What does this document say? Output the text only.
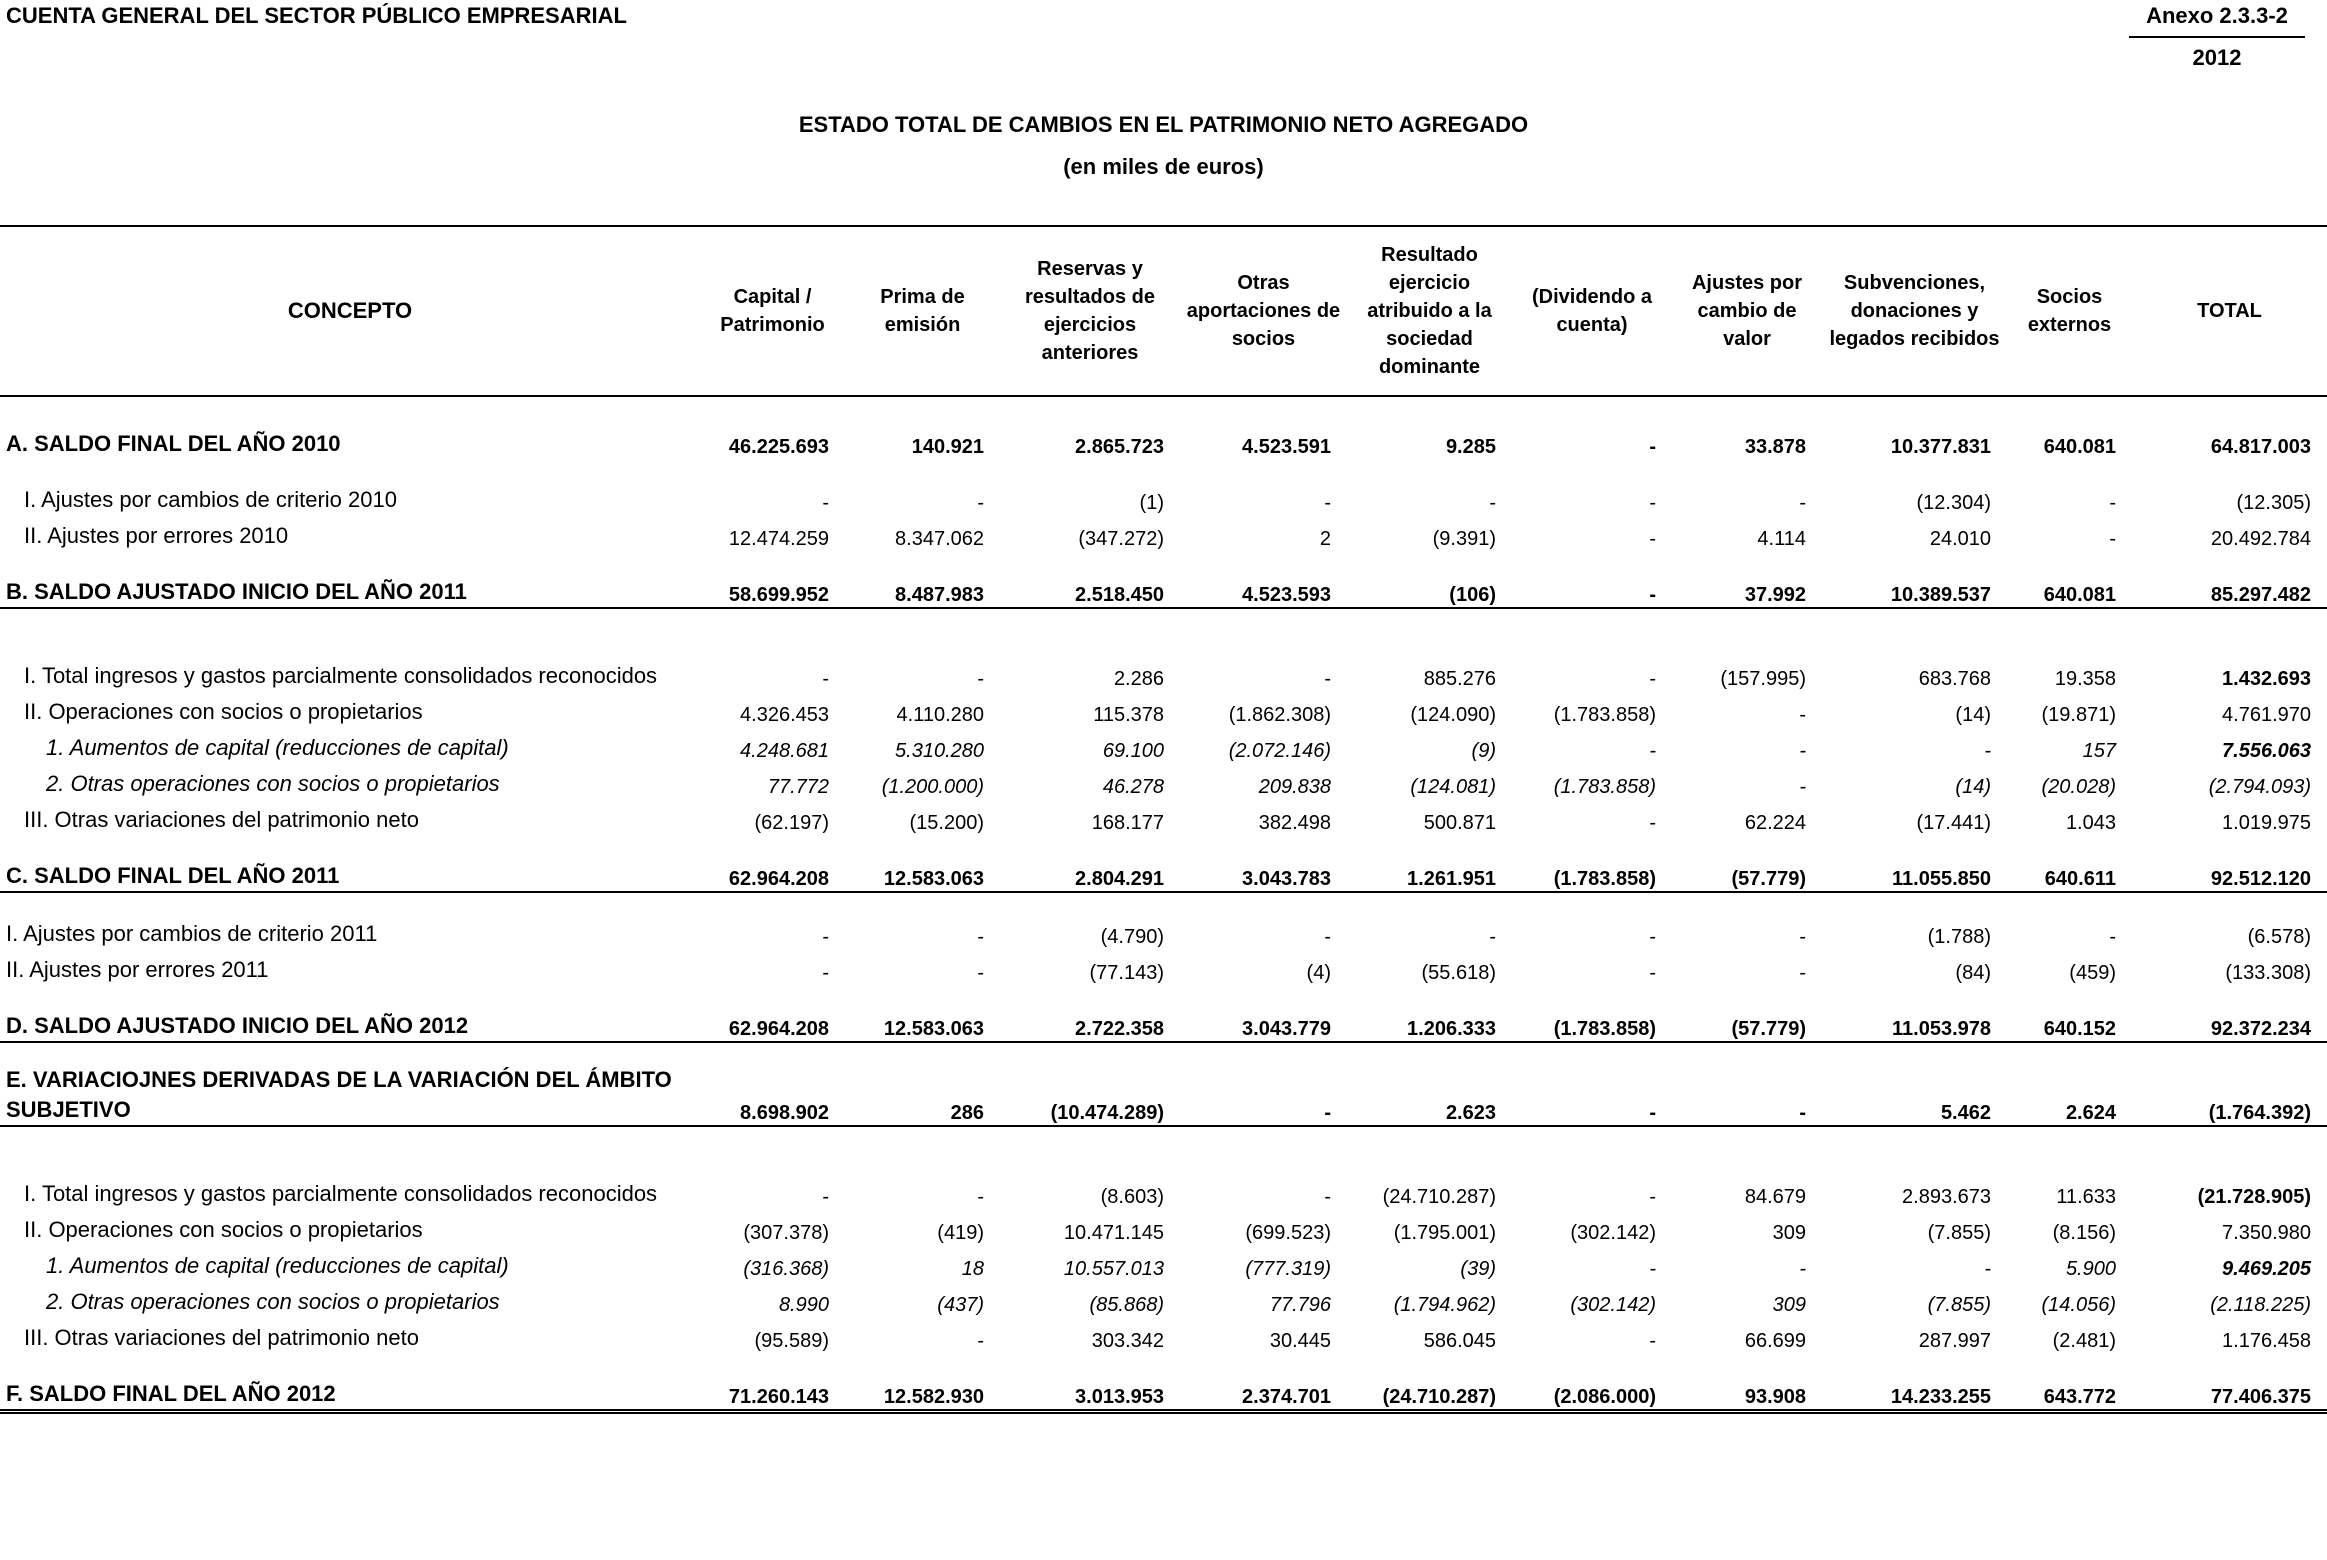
CUENTA GENERAL DEL SECTOR PÚBLICO EMPRESARIAL	Anexo 2.3.3-2
2012
ESTADO TOTAL DE CAMBIOS EN EL PATRIMONIO NETO AGREGADO
(en miles de euros)
CONCEPTO	Capital / Patrimonio	Prima de emisión	Reservas y resultados de ejercicios anteriores	Otras aportaciones de socios	Resultado ejercicio atribuido a la sociedad dominante	(Dividendo a cuenta)	Ajustes por cambio de valor	Subvenciones, donaciones y legados recibidos	Socios externos	TOTAL

A. SALDO FINAL DEL AÑO 2010	46.225.693	140.921	2.865.723	4.523.591	9.285	-	33.878	10.377.831	640.081	64.817.003

I. Ajustes por cambios de criterio 2010	-	-	(1)	-	-	-	-	(12.304)	-	(12.305)
II. Ajustes por errores 2010	12.474.259	8.347.062	(347.272)	2	(9.391)	-	4.114	24.010	-	20.492.784

B. SALDO AJUSTADO INICIO DEL AÑO 2011	58.699.952	8.487.983	2.518.450	4.523.593	(106)	-	37.992	10.389.537	640.081	85.297.482

I. Total ingresos y gastos parcialmente consolidados reconocidos	-	-	2.286	-	885.276	-	(157.995)	683.768	19.358	1.432.693
II. Operaciones con socios o propietarios	4.326.453	4.110.280	115.378	(1.862.308)	(124.090)	(1.783.858)	-	(14)	(19.871)	4.761.970
1. Aumentos de capital (reducciones de capital)	4.248.681	5.310.280	69.100	(2.072.146)	(9)	-	-	-	157	7.556.063
2. Otras operaciones con socios o propietarios	77.772	(1.200.000)	46.278	209.838	(124.081)	(1.783.858)	-	(14)	(20.028)	(2.794.093)
III. Otras variaciones del patrimonio neto	(62.197)	(15.200)	168.177	382.498	500.871	-	62.224	(17.441)	1.043	1.019.975

C. SALDO FINAL DEL AÑO 2011	62.964.208	12.583.063	2.804.291	3.043.783	1.261.951	(1.783.858)	(57.779)	11.055.850	640.611	92.512.120

I. Ajustes por cambios de criterio 2011	-	-	(4.790)	-	-	-	-	(1.788)	-	(6.578)
II. Ajustes por errores 2011	-	-	(77.143)	(4)	(55.618)	-	-	(84)	(459)	(133.308)

D. SALDO AJUSTADO INICIO DEL AÑO 2012	62.964.208	12.583.063	2.722.358	3.043.779	1.206.333	(1.783.858)	(57.779)	11.053.978	640.152	92.372.234

E. VARIACIOJNES DERIVADAS DE LA VARIACIÓN DEL ÁMBITO SUBJETIVO	8.698.902	286	(10.474.289)	-	2.623	-	-	5.462	2.624	(1.764.392)

I. Total ingresos y gastos parcialmente consolidados reconocidos	-	-	(8.603)	-	(24.710.287)	-	84.679	2.893.673	11.633	(21.728.905)
II. Operaciones con socios o propietarios	(307.378)	(419)	10.471.145	(699.523)	(1.795.001)	(302.142)	309	(7.855)	(8.156)	7.350.980
1. Aumentos de capital (reducciones de capital)	(316.368)	18	10.557.013	(777.319)	(39)	-	-	-	5.900	9.469.205
2. Otras operaciones con socios o propietarios	8.990	(437)	(85.868)	77.796	(1.794.962)	(302.142)	309	(7.855)	(14.056)	(2.118.225)
III. Otras variaciones del patrimonio neto	(95.589)	-	303.342	30.445	586.045	-	66.699	287.997	(2.481)	1.176.458

F. SALDO FINAL DEL AÑO 2012	71.260.143	12.582.930	3.013.953	2.374.701	(24.710.287)	(2.086.000)	93.908	14.233.255	643.772	77.406.375
